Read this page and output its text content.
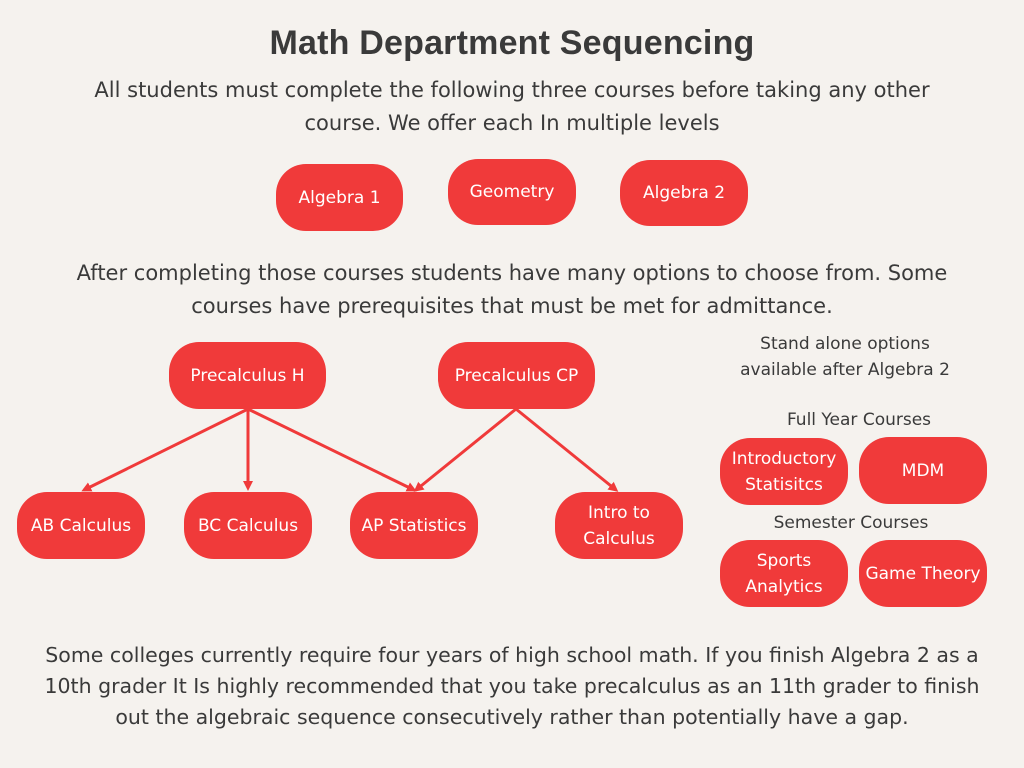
Math Department Sequencing
All students must complete the following three courses before taking any other
course. We offer each In multiple levels
Algebra 1	Geometry	Algebra 2
After completing those courses students have many options to choose from. Some
courses have prerequisites that must be met for admittance.
Precalculus H	Precalculus CP
AB Calculus	BC Calculus	AP Statistics
Intro to
Calculus
Stand alone options
available after Algebra 2
Full Year Courses
Introductory
Statisitcs
MDM
Semester Courses
Sports
Analytics
Game Theory
Some colleges currently require four years of high school math. If you finish Algebra 2 as a
10th grader It Is highly recommended that you take precalculus as an 11th grader to finish
out the algebraic sequence consecutively rather than potentially have a gap.
